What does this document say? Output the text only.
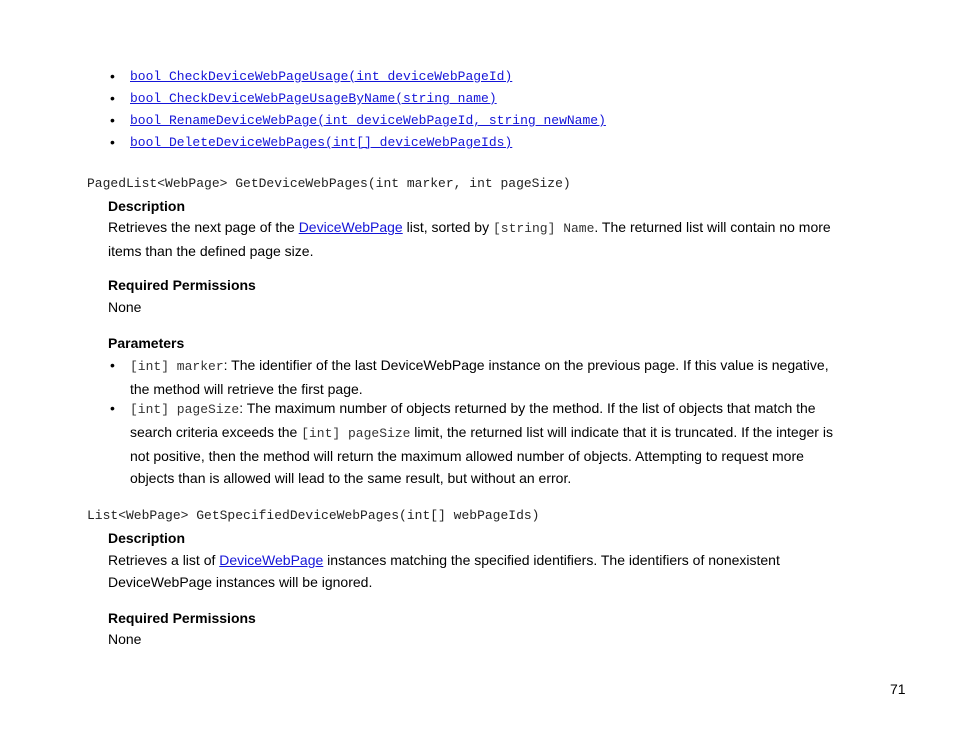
• bool CheckDeviceWebPageUsage(int deviceWebPageId)
• bool CheckDeviceWebPageUsageByName(string name)
• bool RenameDeviceWebPage(int deviceWebPageId, string newName)
• bool DeleteDeviceWebPages(int[] deviceWebPageIds)
PagedList<WebPage> GetDeviceWebPages(int marker, int pageSize)
Description
Retrieves the next page of the DeviceWebPage list, sorted by [string] Name. The returned list will contain no more
items than the defined page size.
Required Permissions
None
Parameters
• [int] marker: The identifier of the last DeviceWebPage instance on the previous page. If this value is negative,
the method will retrieve the first page.
• [int] pageSize: The maximum number of objects returned by the method. If the list of objects that match the
search criteria exceeds the [int] pageSize limit, the returned list will indicate that it is truncated. If the integer is
not positive, then the method will return the maximum allowed number of objects. Attempting to request more
objects than is allowed will lead to the same result, but without an error.
List<WebPage> GetSpecifiedDeviceWebPages(int[] webPageIds)
Description
Retrieves a list of DeviceWebPage instances matching the specified identifiers. The identifiers of nonexistent
DeviceWebPage instances will be ignored.
Required Permissions
None
71
